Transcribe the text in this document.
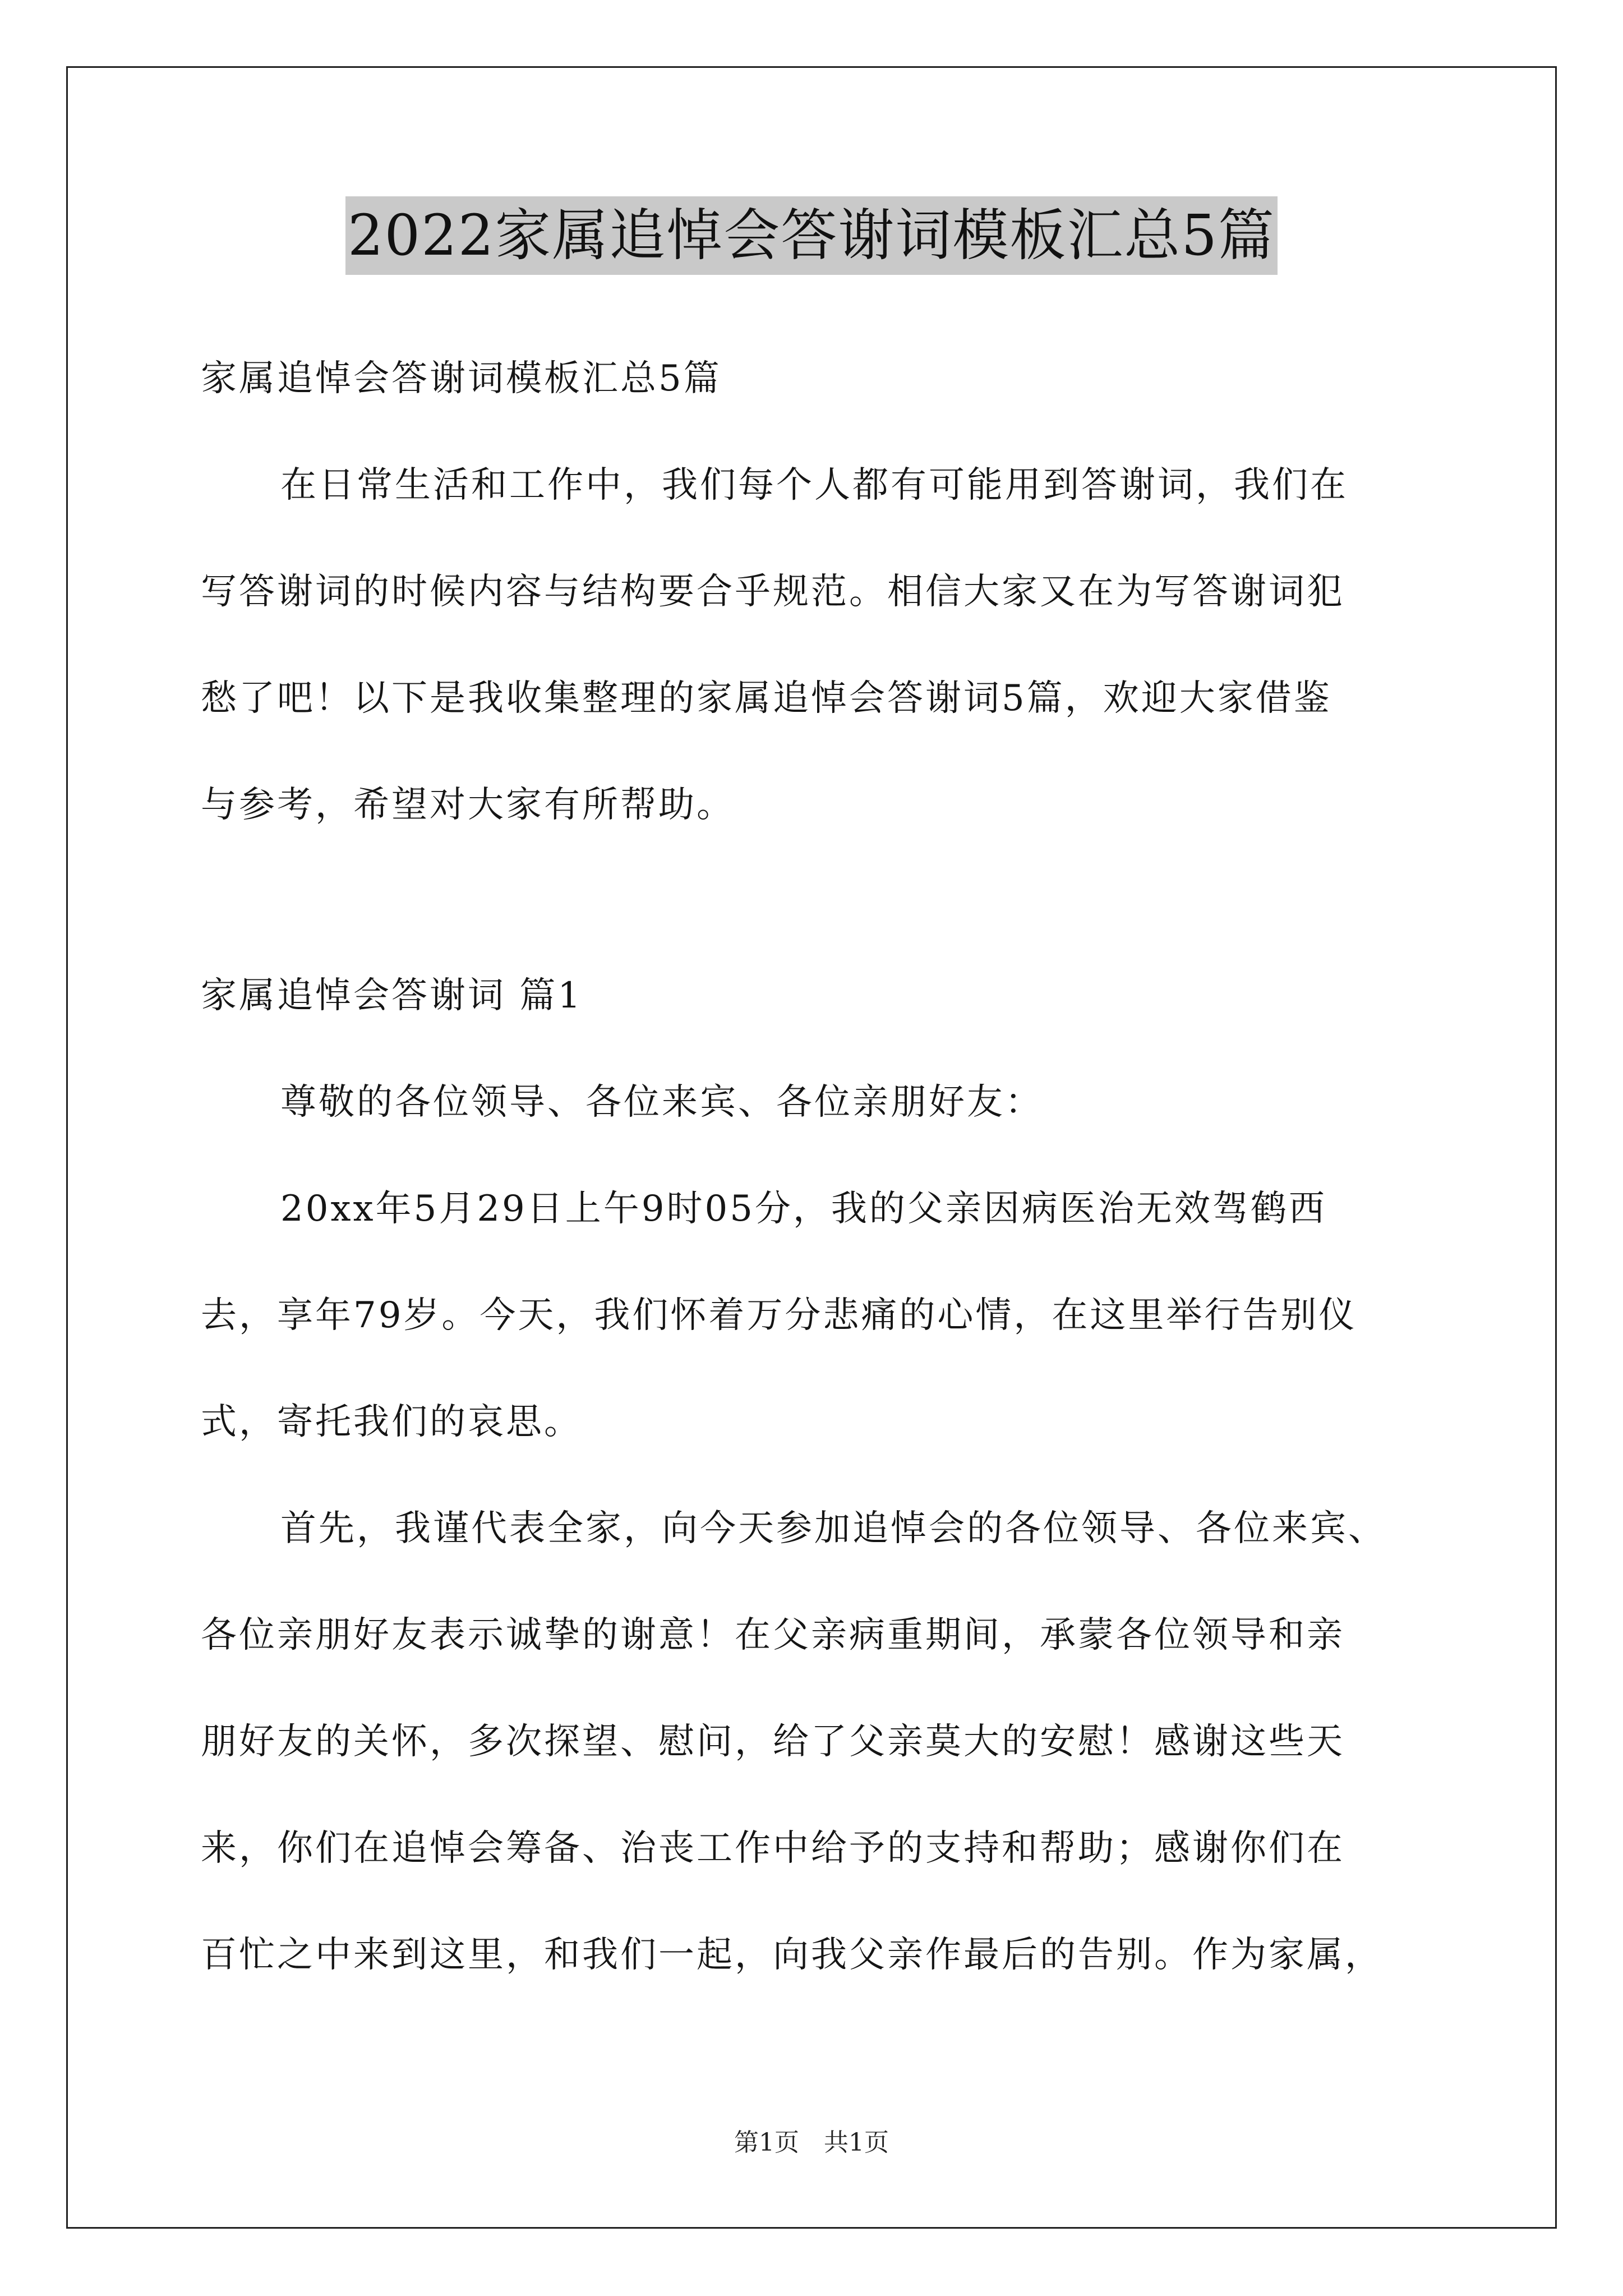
2022家属追悼会答谢词模板汇总5篇
家属追悼会答谢词模板汇总5篇
在日常生活和工作中，我们每个人都有可能用到答谢词，我们在
写答谢词的时候内容与结构要合乎规范。相信大家又在为写答谢词犯
愁了吧！以下是我收集整理的家属追悼会答谢词5篇，欢迎大家借鉴
与参考，希望对大家有所帮助。
家属追悼会答谢词 篇1
尊敬的各位领导、各位来宾、各位亲朋好友：
20xx年5月29日上午9时05分，我的父亲因病医治无效驾鹤西
去，享年79岁。今天，我们怀着万分悲痛的心情，在这里举行告别仪
式，寄托我们的哀思。
首先，我谨代表全家，向今天参加追悼会的各位领导、各位来宾、
各位亲朋好友表示诚挚的谢意！在父亲病重期间，承蒙各位领导和亲
朋好友的关怀，多次探望、慰问，给了父亲莫大的安慰！感谢这些天
来，你们在追悼会筹备、治丧工作中给予的支持和帮助；感谢你们在
百忙之中来到这里，和我们一起，向我父亲作最后的告别。作为家属，
第1页　共1页
